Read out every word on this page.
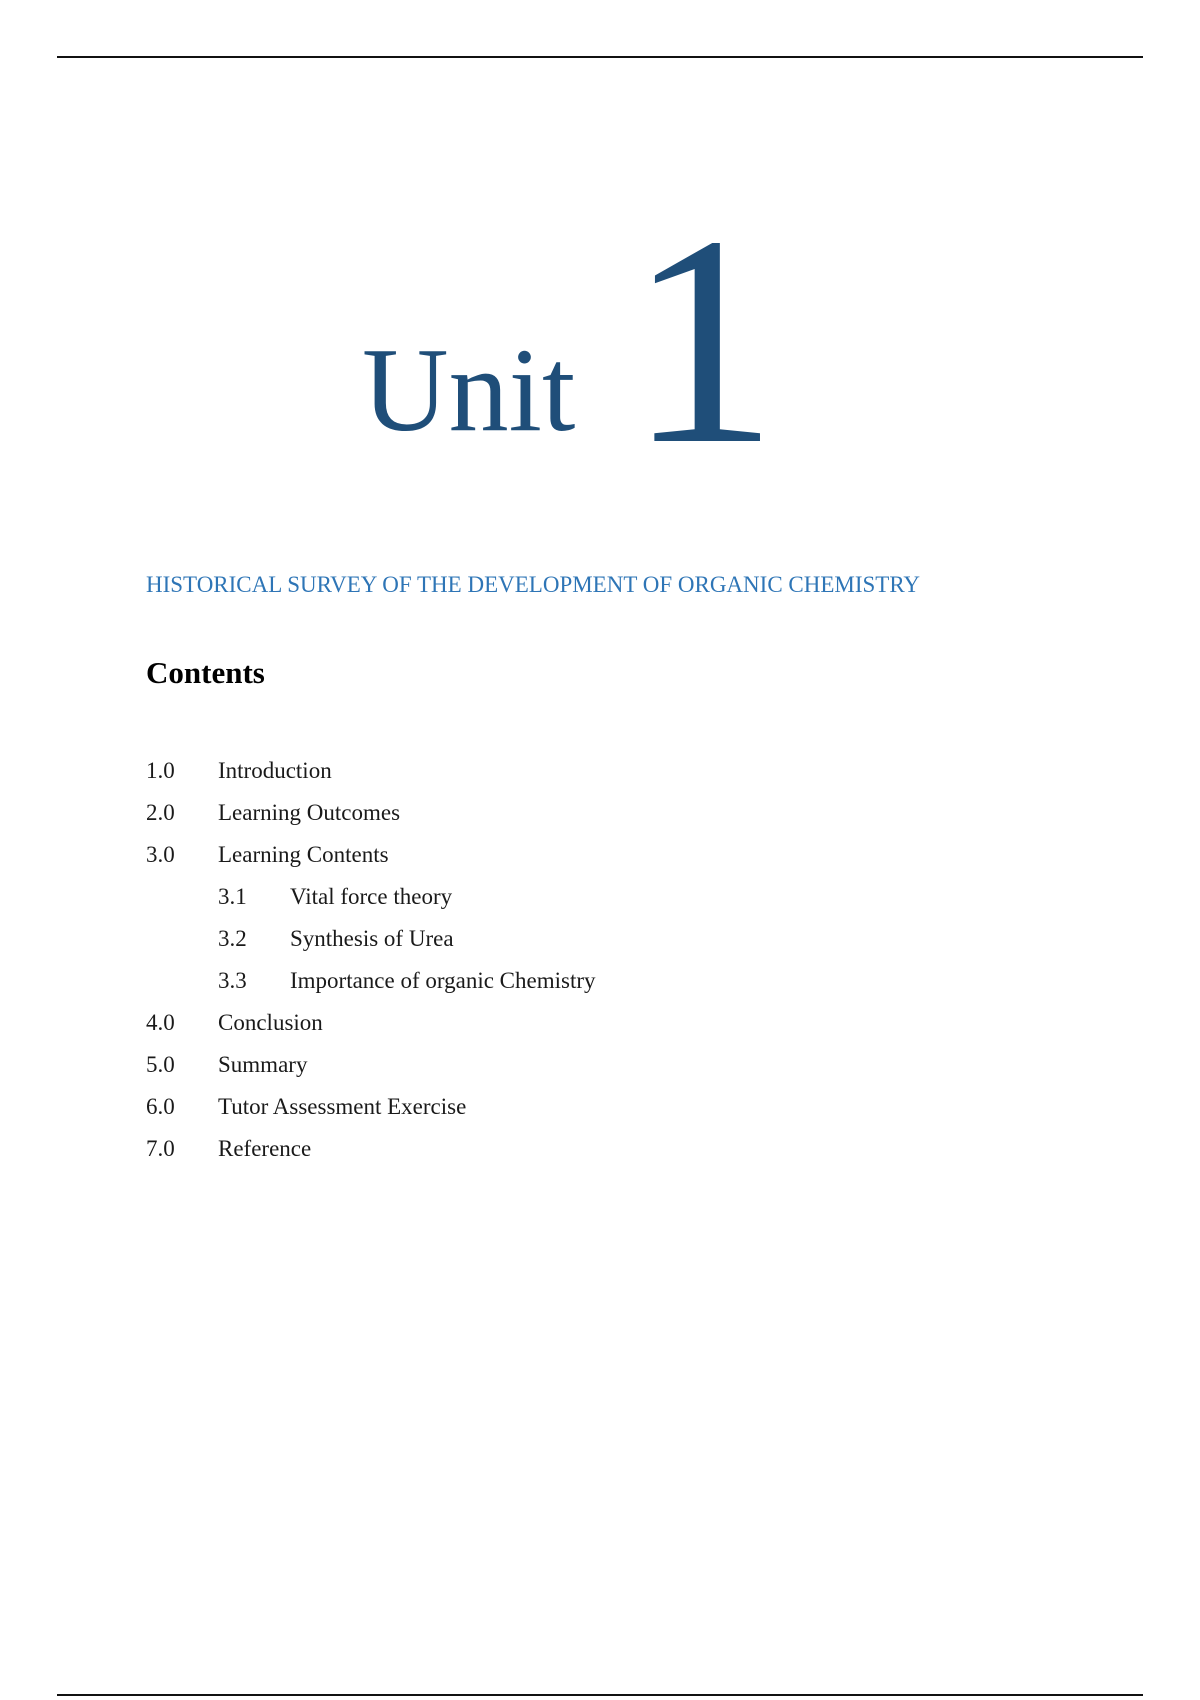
Unit 1
HISTORICAL SURVEY OF THE DEVELOPMENT OF ORGANIC CHEMISTRY
Contents
1.0	Introduction
2.0	Learning Outcomes
3.0	Learning Contents
3.1	Vital force theory
3.2	Synthesis of Urea
3.3	Importance of organic Chemistry
4.0	Conclusion
5.0	Summary
6.0	Tutor Assessment Exercise
7.0	Reference
